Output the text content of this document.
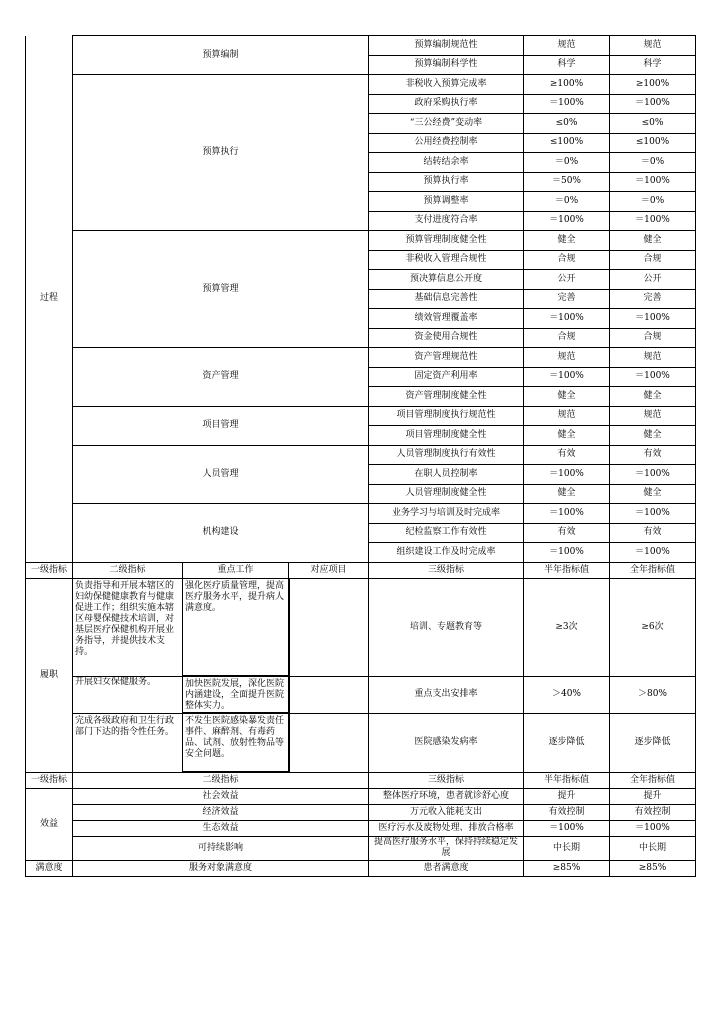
过程	预算编制			预算编制规范性	规范	规范
				预算编制科学性	科学	科学
	预算执行			非税收入预算完成率	≥100%	≥100%
				政府采购执行率	＝100%	＝100%
				“三公经费”变动率	≤0%	≤0%
				公用经费控制率	≤100%	≤100%
				结转结余率	＝0%	＝0%
				预算执行率	＝50%	＝100%
				预算调整率	＝0%	＝0%
				支付进度符合率	＝100%	＝100%
	预算管理			预算管理制度健全性	健全	健全
				非税收入管理合规性	合规	合规
				预决算信息公开度	公开	公开
				基础信息完善性	完善	完善
				绩效管理覆盖率	＝100%	＝100%
				资金使用合规性	合规	合规
	资产管理			资产管理规范性	规范	规范
				固定资产利用率	＝100%	＝100%
				资产管理制度健全性	健全	健全
	项目管理			项目管理制度执行规范性	规范	规范
				项目管理制度健全性	健全	健全
	人员管理			人员管理制度执行有效性	有效	有效
				在职人员控制率	＝100%	＝100%
				人员管理制度健全性	健全	健全
	机构建设			业务学习与培训及时完成率	＝100%	＝100%
				纪检监察工作有效性	有效	有效
				组织建设工作及时完成率	＝100%	＝100%
一级指标	二级指标	重点工作	对应项目	三级指标	半年指标值	全年指标值
履职	负责指导和开展本辖区的妇幼保健健康教育与健康促进工作；组织实施本辖区母婴保健技术培训，对基层医疗保健机构开展业务指导，并提供技术支持。	强化医疗质量管理，提高医疗服务水平，提升病人满意度。		培训、专题教育等	≥3次	≥6次
	开展妇女保健服务。	加快医院发展，深化医院内涵建设，全面提升医院整体实力。		重点支出安排率	＞40%	＞80%
	完成各级政府和卫生行政部门下达的指令性任务。	不发生医院感染暴发责任事件、麻醉剂、有毒药品、试剂、放射性物品等安全问题。		医院感染发病率	逐步降低	逐步降低
一级指标	二级指标			三级指标	半年指标值	全年指标值
效益	社会效益			整体医疗环境，患者就诊舒心度	提升	提升
	经济效益			万元收入能耗支出	有效控制	有效控制
	生态效益			医疗污水及废物处理、排放合格率	＝100%	＝100%
	可持续影响			提高医疗服务水平，保持持续稳定发展	中长期	中长期
满意度	服务对象满意度			患者满意度	≥85%	≥85%
